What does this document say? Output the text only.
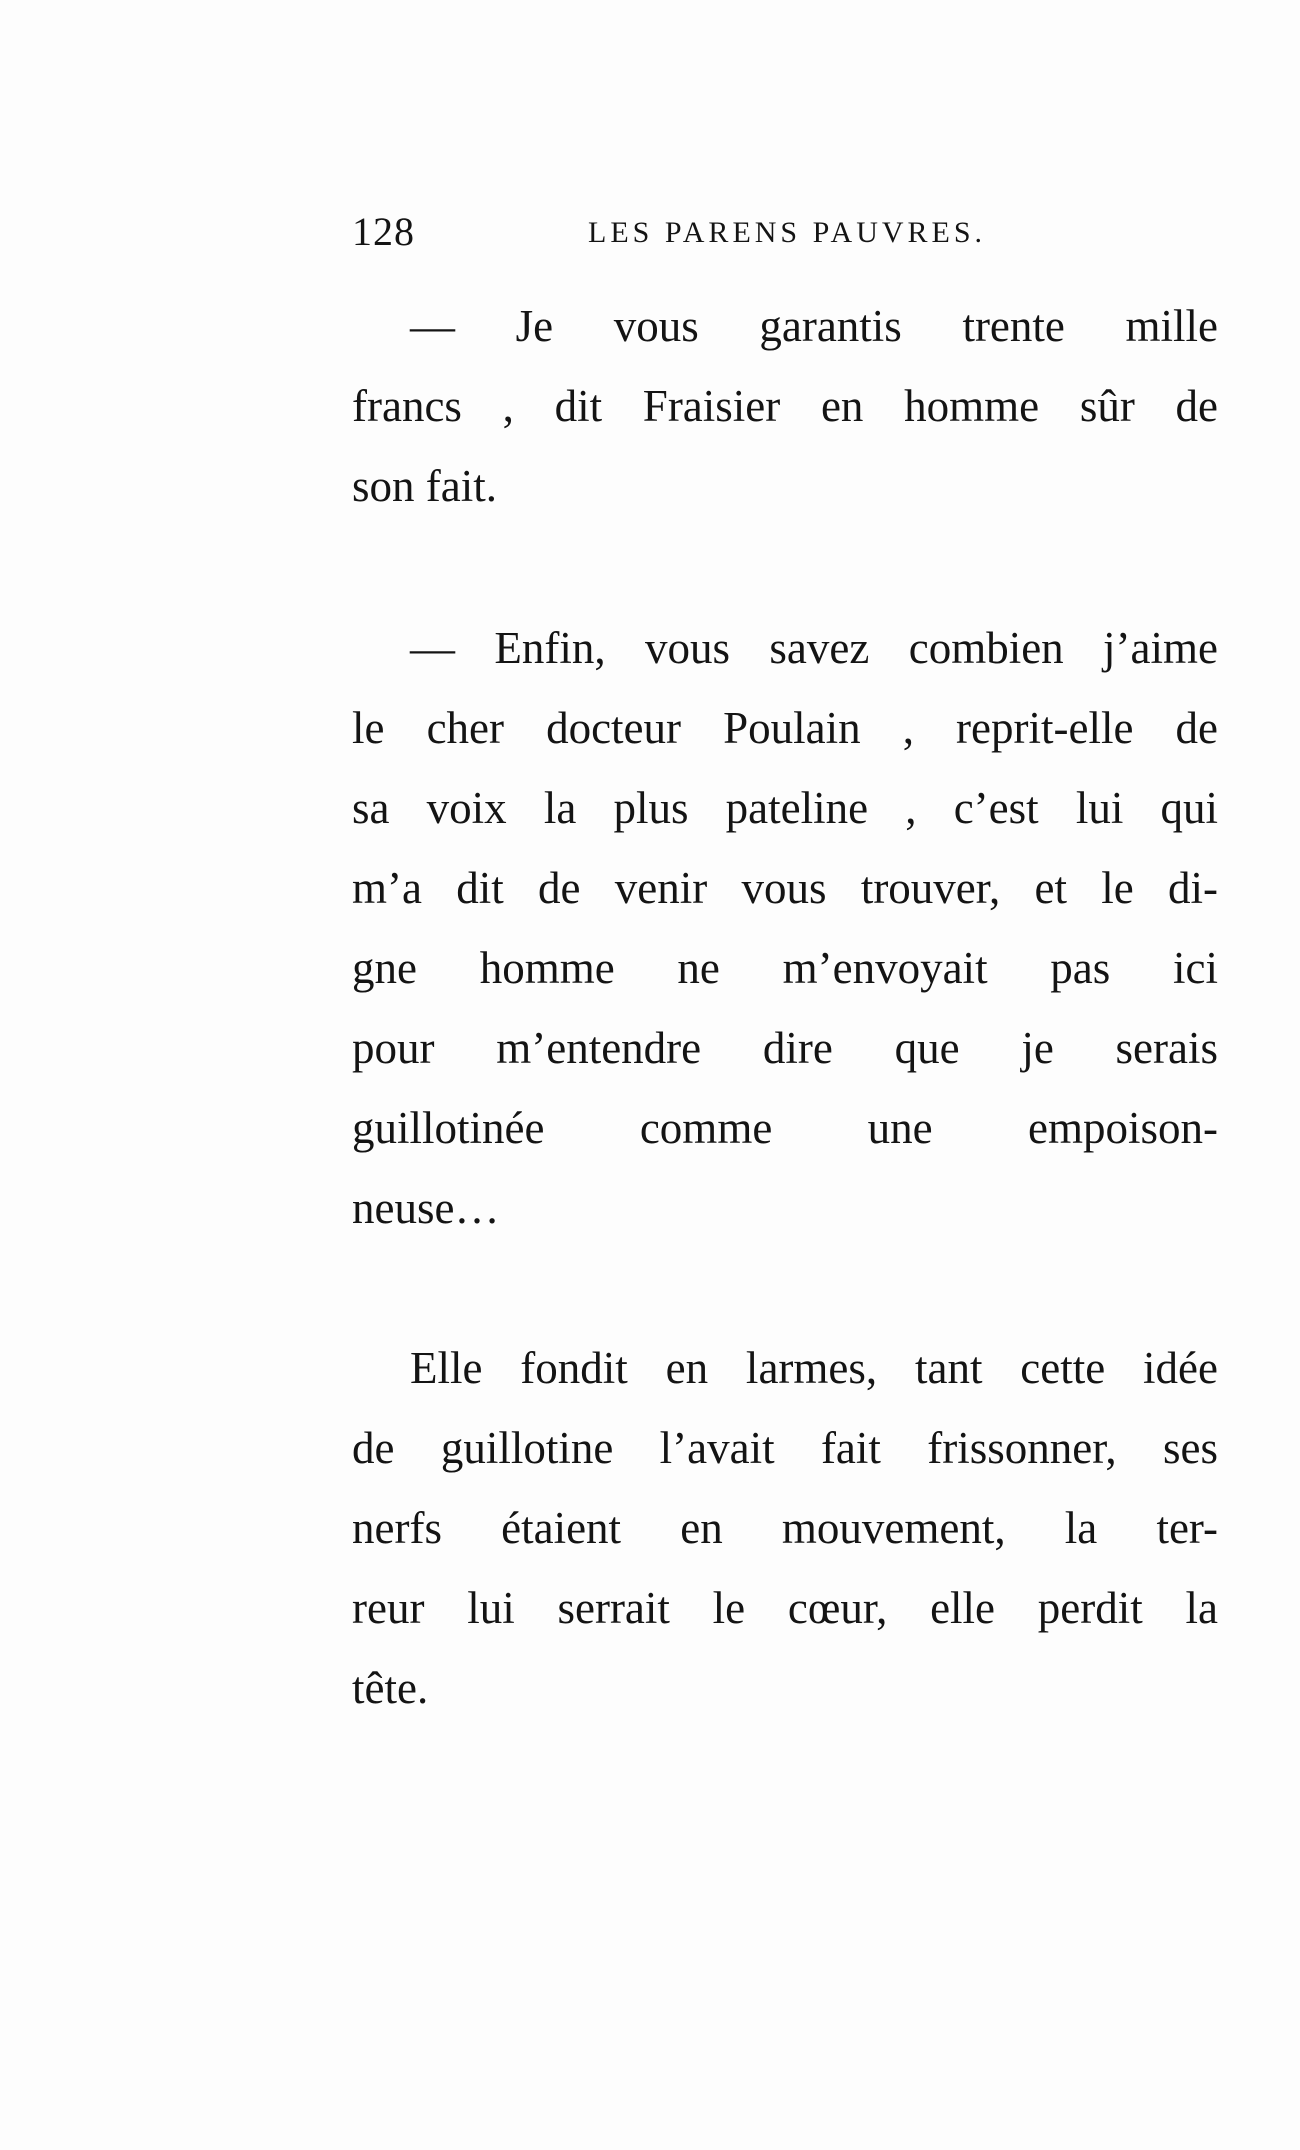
128	LES PARENS PAUVRES.
— Je vous garantis trente mille
francs , dit Fraisier en homme sûr de
son fait.
— Enfin, vous savez combien j’aime
le cher docteur Poulain , reprit-elle de
sa voix la plus pateline , c’est lui qui
m’a dit de venir vous trouver, et le di-
gne homme ne m’envoyait pas ici
pour m’entendre dire que je serais
guillotinée comme une empoison-
neuse…
Elle fondit en larmes, tant cette idée
de guillotine l’avait fait frissonner, ses
nerfs étaient en mouvement, la ter-
reur lui serrait le cœur, elle perdit la
tête.
